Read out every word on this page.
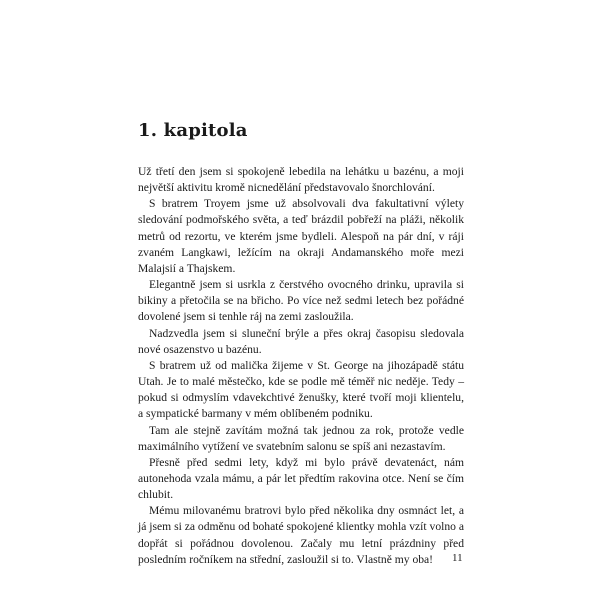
1. kapitola

Už třetí den jsem si spokojeně lebedila na lehátku u bazénu, a moji největší aktivitu kromě nicnedělání představovalo šnorchlování.

S bratrem Troyem jsme už absolvovali dva fakultativní výlety sledování podmořského světa, a teď brázdil pobřeží na pláži, několik metrů od rezortu, ve kterém jsme bydleli. Alespoň na pár dní, v ráji zvaném Langkawi, ležícím na okraji Andamanského moře mezi Malajsií a Thajskem.

Elegantně jsem si usrkla z čerstvého ovocného drinku, upravila si bikiny a přetočila se na břicho. Po více než sedmi letech bez pořádné dovolené jsem si tenhle ráj na zemi zasloužila.

Nadzvedla jsem si sluneční brýle a přes okraj časopisu sledovala nové osazenstvo u bazénu.

S bratrem už od malička žijeme v St. George na jihozápadě státu Utah. Je to malé městečko, kde se podle mě téměř nic neděje. Tedy – pokud si odmyslím vdavekchtivé ženušky, které tvoří moji klientelu, a sympatické barmany v mém oblíbeném podniku.

Tam ale stejně zavítám možná tak jednou za rok, protože vedle maximálního vytížení ve svatebním salonu se spíš ani nezastavím.

Přesně před sedmi lety, když mi bylo právě devatenáct, nám autonehoda vzala mámu, a pár let předtím rakovina otce. Není se čím chlubit.

Mému milovanému bratrovi bylo před několika dny osmnáct let, a já jsem si za odměnu od bohaté spokojené klientky mohla vzít volno a dopřát si pořádnou dovolenou. Začaly mu letní prázdniny před posledním ročníkem na střední, zasloužil si to. Vlastně my oba!	11
